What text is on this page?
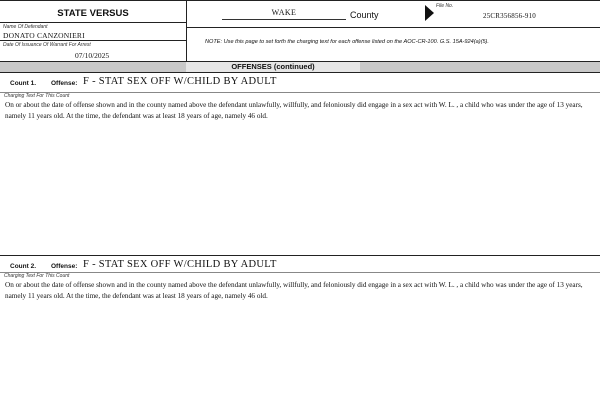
STATE VERSUS	WAKE	County
File No.
25CR356856-910
Name Of Defendant
DONATO CANZONIERI
Date Of Issuance Of Warrant For Arrest
07/10/2025
NOTE: Use this page to set forth the charging text for each offense listed on the AOC-CR-100. G.S. 15A-924(a)(5).
OFFENSES (continued)
Count 1. Offense: F - STAT SEX OFF W/CHILD BY ADULT
Charging Text For This Count
On or about the date of offense shown and in the county named above the defendant unlawfully, willfully, and feloniously did engage in a sex act with W. L. , a child who was under the age of 13 years, namely 11 years old. At the time, the defendant was at least 18 years of age, namely 46 old.
Count 2. Offense: F - STAT SEX OFF W/CHILD BY ADULT
Charging Text For This Count
On or about the date of offense shown and in the county named above the defendant unlawfully, willfully, and feloniously did engage in a sex act with W. L. , a child who was under the age of 13 years, namely 11 years old. At the time, the defendant was at least 18 years of age, namely 46 old.
